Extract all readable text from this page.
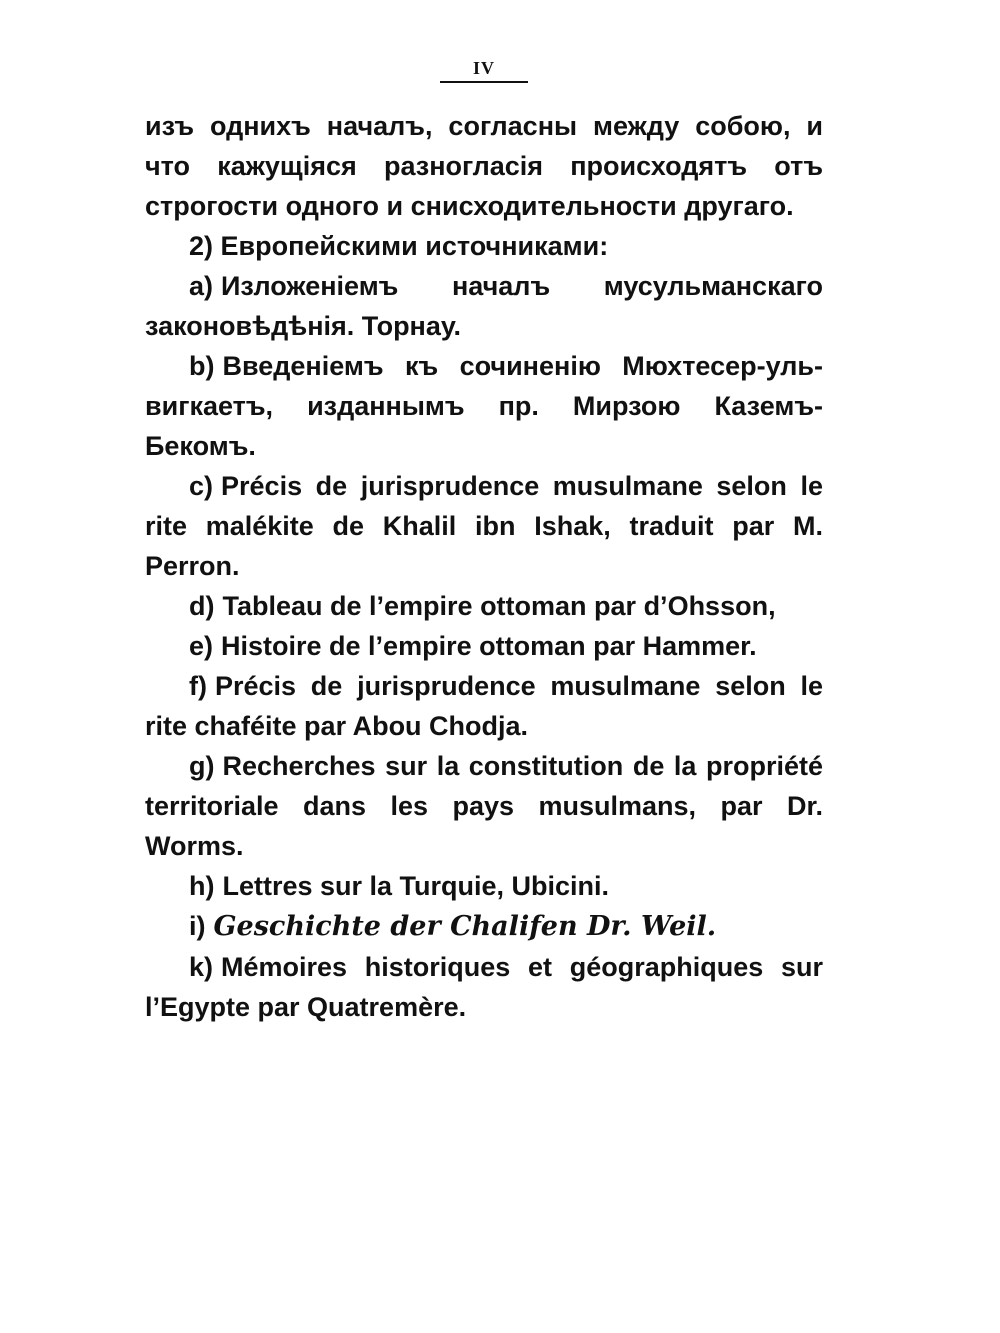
IV

изъ однихъ началъ, согласны между собою, и что кажущіяся разногласія происходятъ отъ строгости одного и снисходительности другаго.

2) Европейскими источниками:

a) Изложеніемъ началъ мусульманскаго законовѣдѣнія. Торнау.

b) Введеніемъ къ сочиненію Мюхтесер-уль-вигкаетъ, изданнымъ пр. Мирзою Каземъ-Бекомъ.

c) Précis de jurisprudence musulmane selon le rite malékite de Khalil ibn Ishak, traduit par M. Perron.

d) Tableau de l’empire ottoman par d’Ohsson,

e) Histoire de l’empire ottoman par Hammer.

f) Précis de jurisprudence musulmane selon le rite chaféite par Abou Chodja.

g) Recherches sur la constitution de la propriété territoriale dans les pays musulmans, par Dr. Worms.

h) Lettres sur la Turquie, Ubicini.

i) Geschichte der Chalifen Dr. Weil.

k) Mémoires historiques et géographiques sur l’Egypte par Quatremère.
